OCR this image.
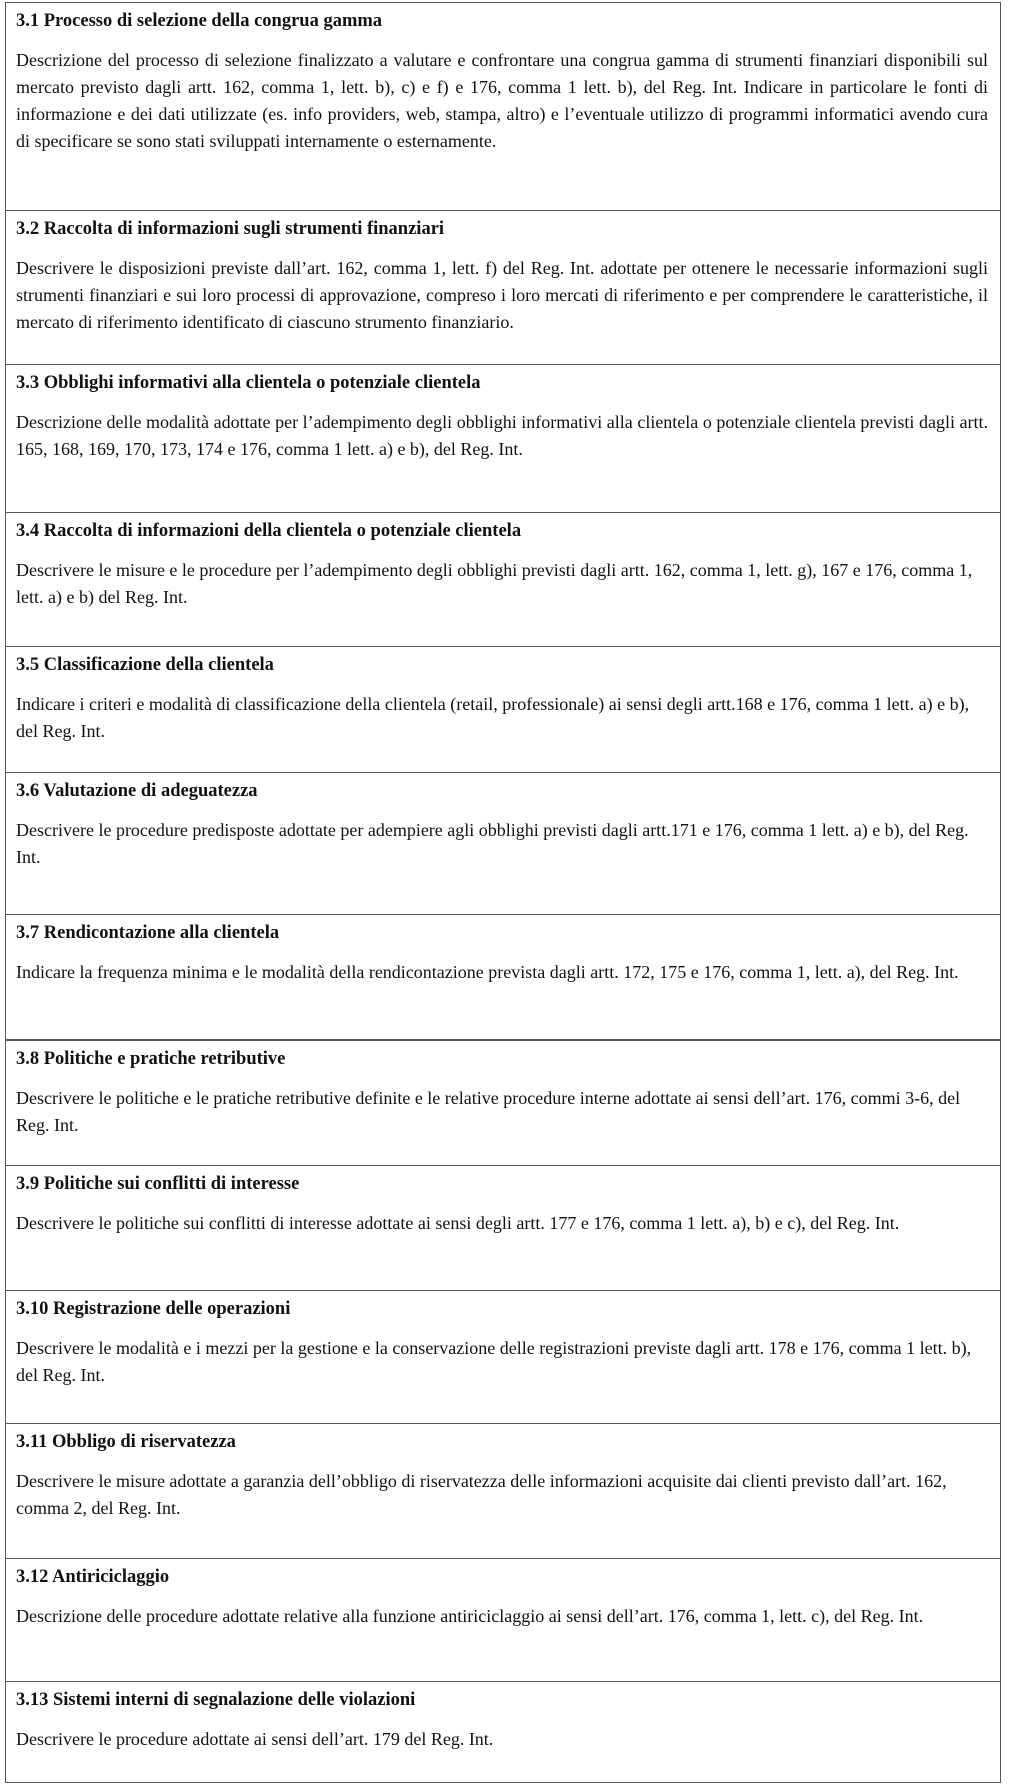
3.1 Processo di selezione della congrua gamma

Descrizione del processo di selezione finalizzato a valutare e confrontare una congrua gamma di strumenti finanziari disponibili sul mercato previsto dagli artt. 162, comma 1, lett. b), c) e f) e 176, comma 1 lett. b), del Reg. Int. Indicare in particolare le fonti di informazione e dei dati utilizzate (es. info providers, web, stampa, altro) e l’eventuale utilizzo di programmi informatici avendo cura di specificare se sono stati sviluppati internamente o esternamente.

3.2 Raccolta di informazioni sugli strumenti finanziari

Descrivere le disposizioni previste dall’art. 162, comma 1, lett. f) del Reg. Int. adottate per ottenere le necessarie informazioni sugli strumenti finanziari e sui loro processi di approvazione, compreso i loro mercati di riferimento e per comprendere le caratteristiche, il mercato di riferimento identificato di ciascuno strumento finanziario.

3.3 Obblighi informativi alla clientela o potenziale clientela

Descrizione delle modalità adottate per l’adempimento degli obblighi informativi alla clientela o potenziale clientela previsti dagli artt. 165, 168, 169, 170, 173, 174 e 176, comma 1 lett. a) e b), del Reg. Int.

3.4 Raccolta di informazioni della clientela o potenziale clientela

Descrivere le misure e le procedure per l’adempimento degli obblighi previsti dagli artt. 162, comma 1, lett. g), 167 e 176, comma 1, lett. a) e b) del Reg. Int.

3.5 Classificazione della clientela

Indicare i criteri e modalità di classificazione della clientela (retail, professionale) ai sensi degli artt.168 e 176, comma 1 lett. a) e b), del Reg. Int.

3.6 Valutazione di adeguatezza

Descrivere le procedure predisposte adottate per adempiere agli obblighi previsti dagli artt.171 e 176, comma 1 lett. a) e b), del Reg. Int.

3.7 Rendicontazione alla clientela

Indicare la frequenza minima e le modalità della rendicontazione prevista dagli artt. 172, 175 e 176, comma 1, lett. a), del Reg. Int.

3.8 Politiche e pratiche retributive

Descrivere le politiche e le pratiche retributive definite e le relative procedure interne adottate ai sensi dell’art. 176, commi 3-6, del Reg. Int.

3.9 Politiche sui conflitti di interesse

Descrivere le politiche sui conflitti di interesse adottate ai sensi degli artt. 177 e 176, comma 1 lett. a), b) e c), del Reg. Int.

3.10 Registrazione delle operazioni

Descrivere le modalità e i mezzi per la gestione e la conservazione delle registrazioni previste dagli artt. 178 e 176, comma 1 lett. b), del Reg. Int.

3.11 Obbligo di riservatezza

Descrivere le misure adottate a garanzia dell’obbligo di riservatezza delle informazioni acquisite dai clienti previsto dall’art. 162, comma 2, del Reg. Int.

3.12 Antiriciclaggio

Descrizione delle procedure adottate relative alla funzione antiriciclaggio ai sensi dell’art. 176, comma 1, lett. c), del Reg. Int.

3.13 Sistemi interni di segnalazione delle violazioni

Descrivere le procedure adottate ai sensi dell’art. 179 del Reg. Int.
